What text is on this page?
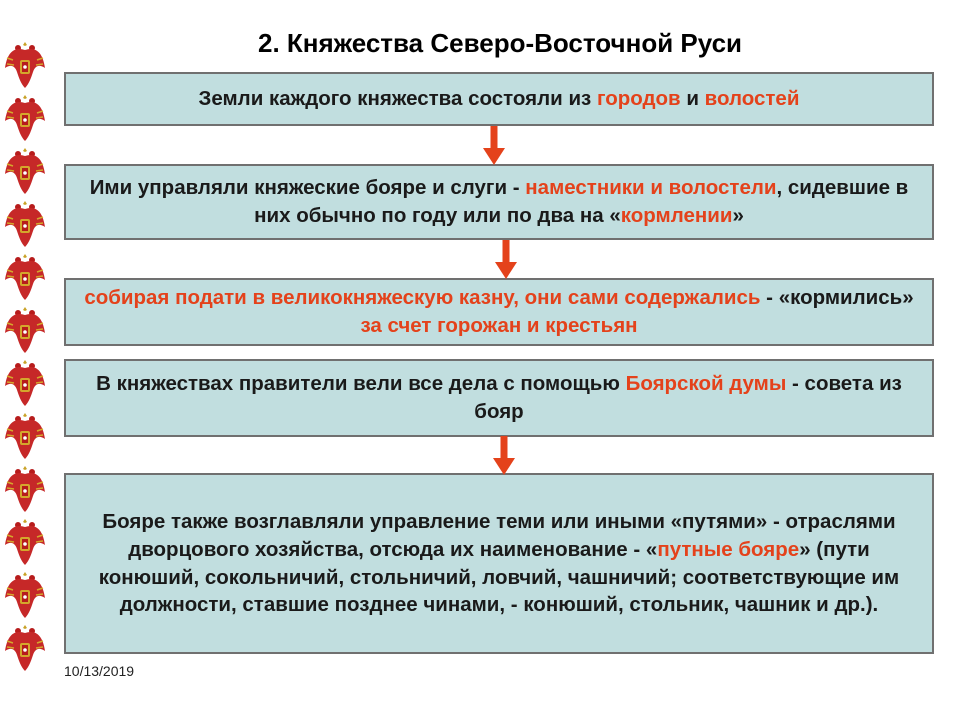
2. Княжества Северо-Восточной Руси
Земли каждого княжества состояли из городов и волостей
Ими управляли княжеские бояре и слуги - наместники и волостели, сидевшие в них обычно по году или по два на «кормлении»
собирая подати в великокняжескую казну, они сами содержались - «кормились» за счет горожан и крестьян
В княжествах правители вели все дела с помощью Боярской думы - совета из бояр
Бояре также возглавляли управление теми или иными «путями» - отраслями дворцового хозяйства, отсюда их наименование - «путные бояре» (пути конюший, сокольничий, стольничий, ловчий, чашничий; соответствующие им должности, ставшие позднее чинами, - конюший, стольник, чашник и др.).
10/13/2019
